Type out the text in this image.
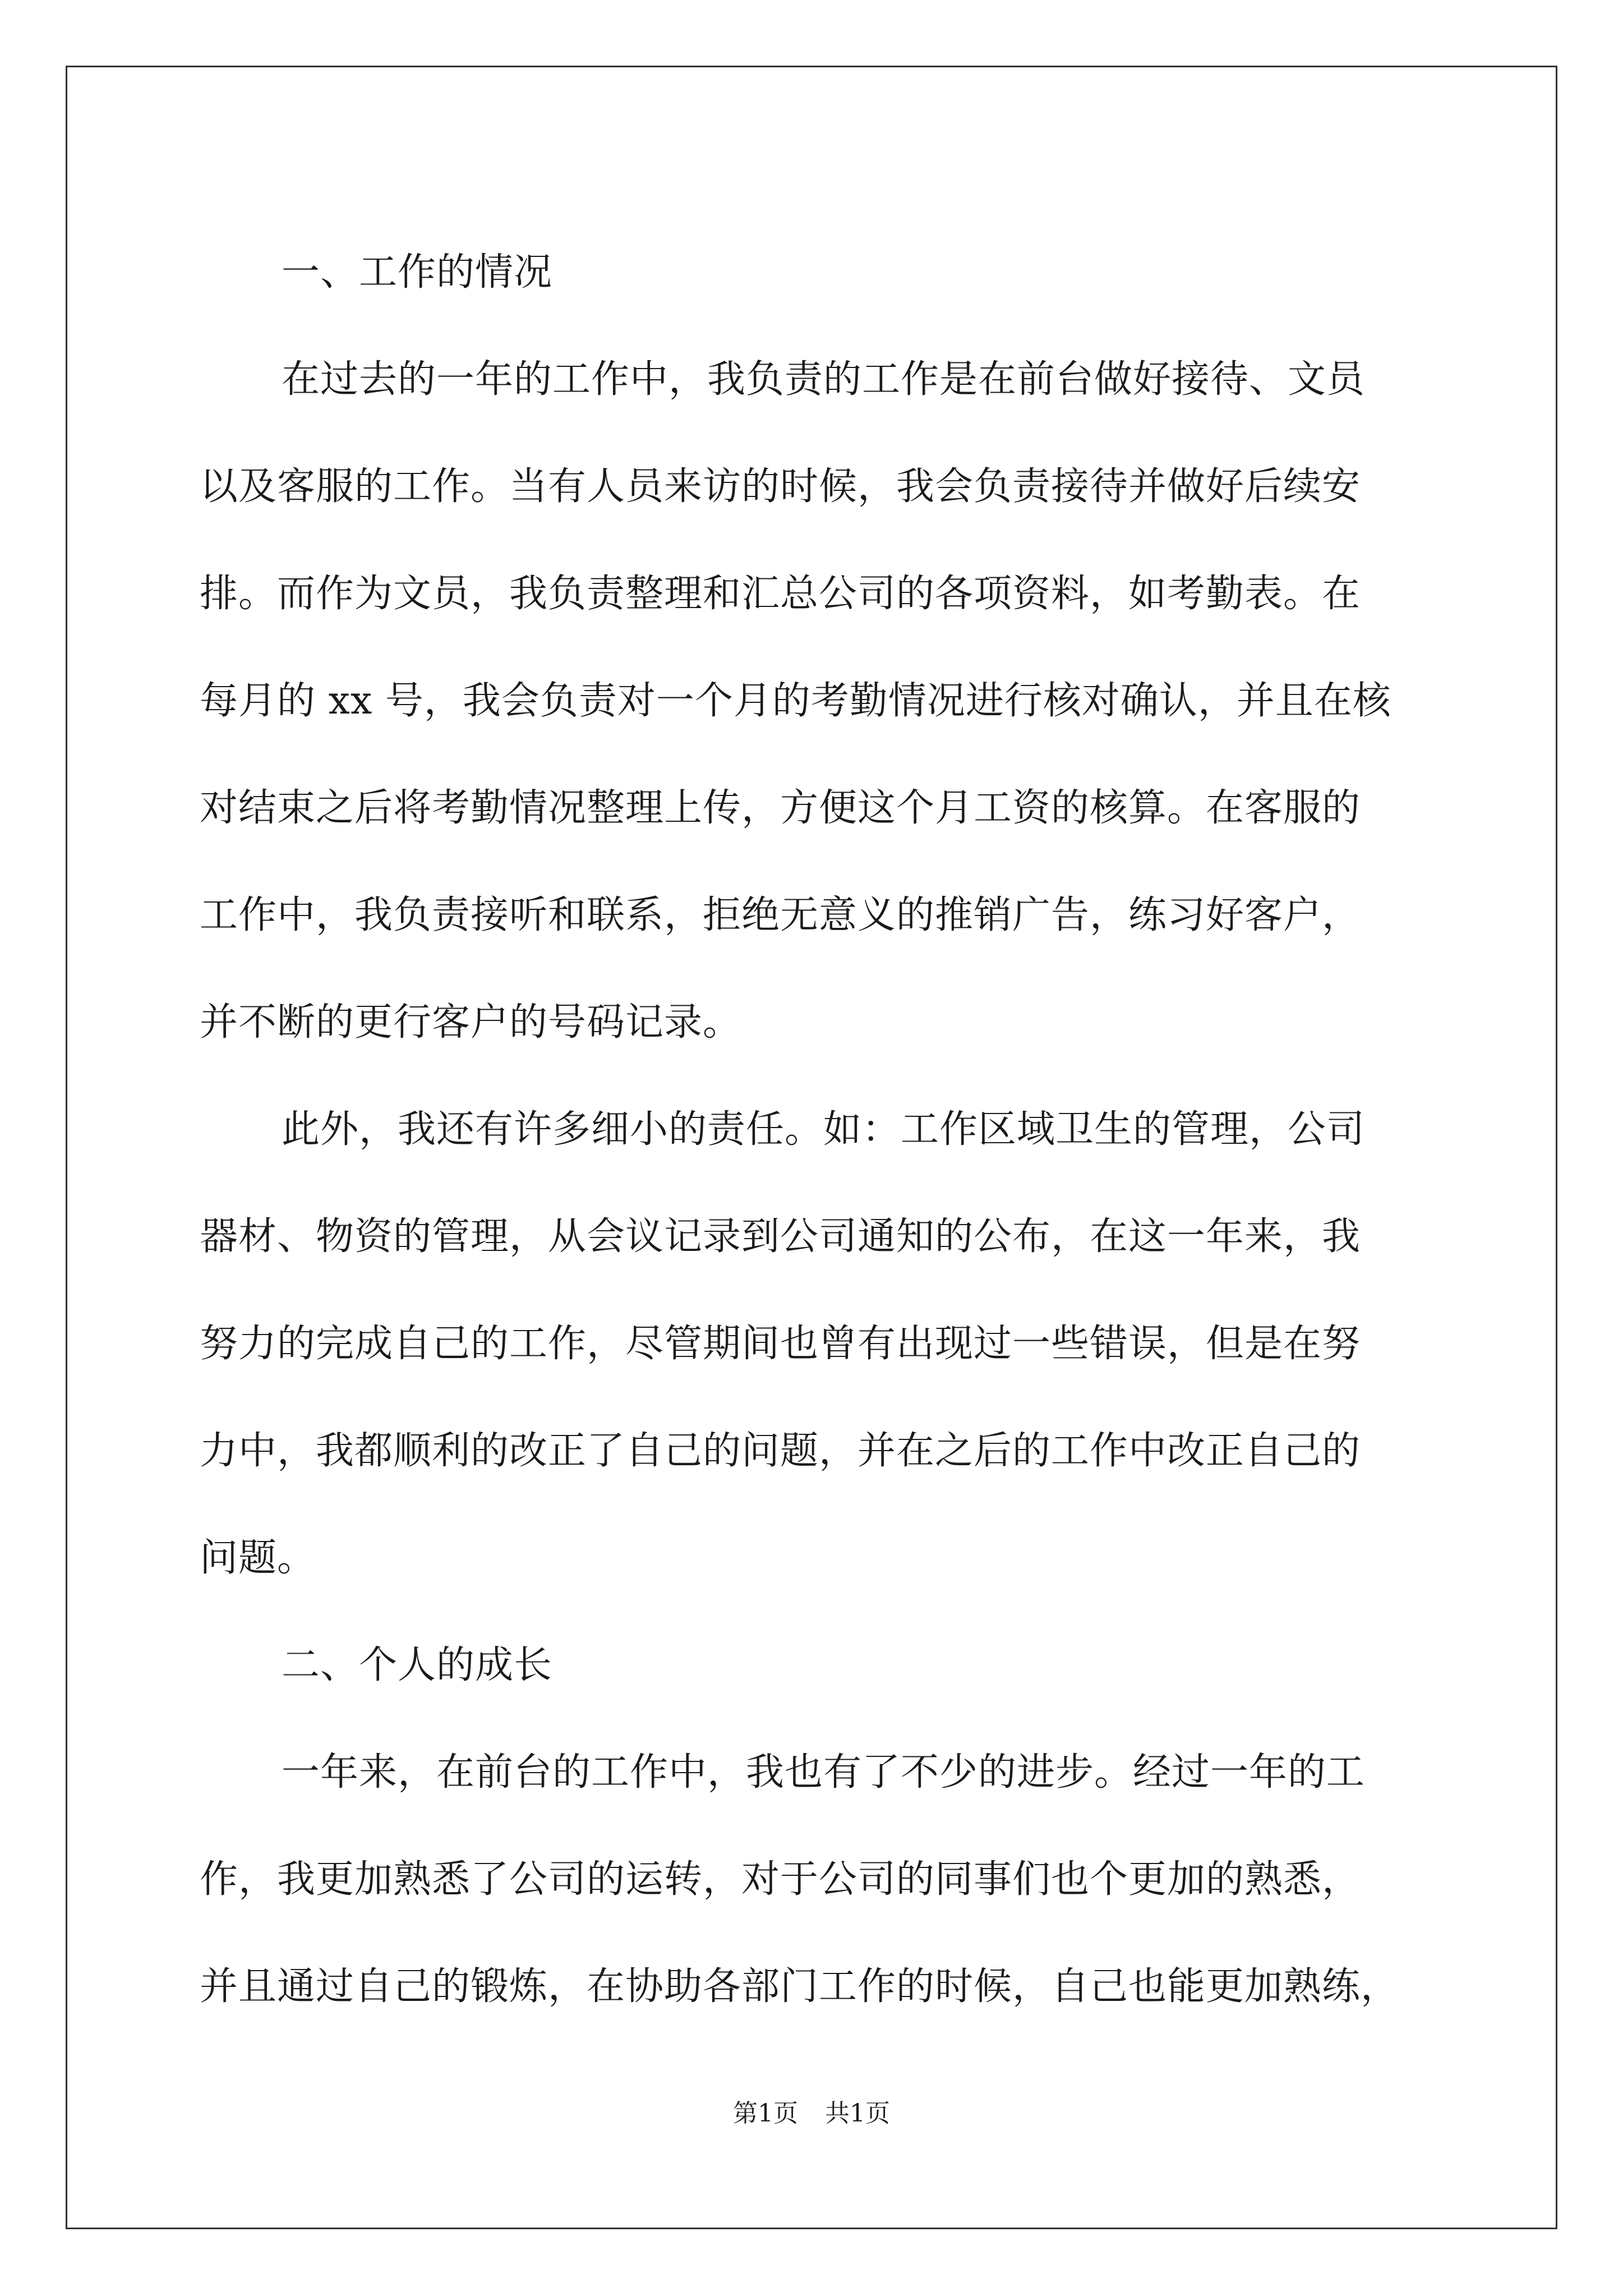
一、工作的情况

在过去的一年的工作中，我负责的工作是在前台做好接待、文员
以及客服的工作。当有人员来访的时候，我会负责接待并做好后续安
排。而作为文员，我负责整理和汇总公司的各项资料，如考勤表。在
每月的 xx 号，我会负责对一个月的考勤情况进行核对确认，并且在核
对结束之后将考勤情况整理上传，方便这个月工资的核算。在客服的
工作中，我负责接听和联系，拒绝无意义的推销广告，练习好客户，
并不断的更行客户的号码记录。

此外，我还有许多细小的责任。如：工作区域卫生的管理，公司
器材、物资的管理，从会议记录到公司通知的公布，在这一年来，我
努力的完成自己的工作，尽管期间也曾有出现过一些错误，但是在努
力中，我都顺利的改正了自己的问题，并在之后的工作中改正自己的
问题。

二、个人的成长

一年来，在前台的工作中，我也有了不少的进步。经过一年的工
作，我更加熟悉了公司的运转，对于公司的同事们也个更加的熟悉，
并且通过自己的锻炼，在协助各部门工作的时候，自己也能更加熟练，

第1页 共1页
